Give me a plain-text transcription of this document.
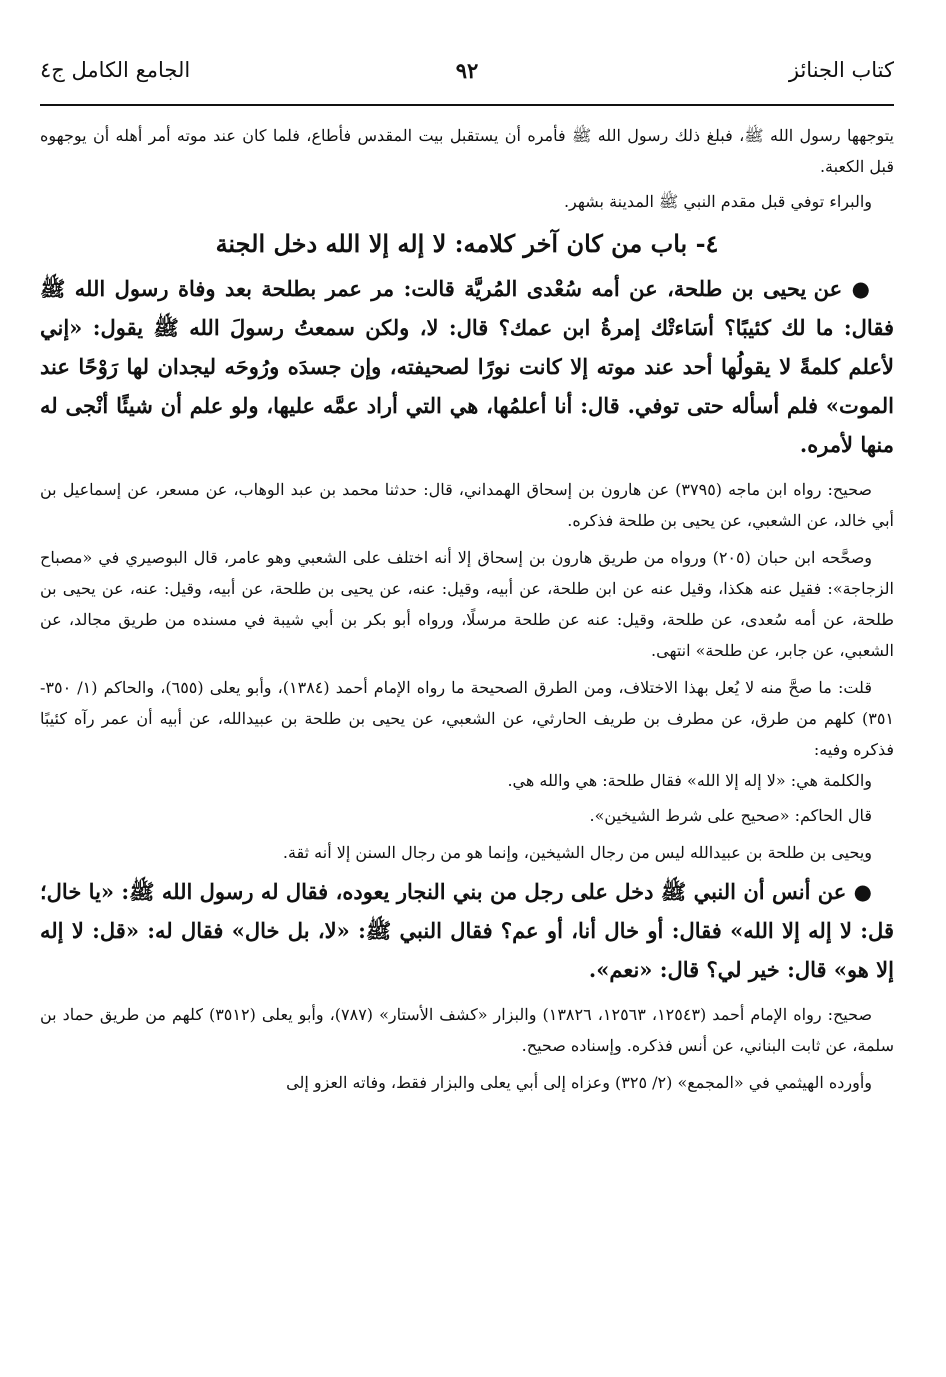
كتاب الجنائز
٩٢
الجامع الكامل ج٤

يتوجهها رسول الله ﷺ، فبلغ ذلك رسول الله ﷺ فأمره أن يستقبل بيت المقدس فأطاع، فلما كان عند موته أمر أهله أن يوجهوه قبل الكعبة.

والبراء توفي قبل مقدم النبي ﷺ المدينة بشهر.

٤- باب من كان آخر كلامه: لا إله إلا الله دخل الجنة

● عن يحيى بن طلحة، عن أمه سُعْدى المُريَّة قالت: مر عمر بطلحة بعد وفاة رسول الله ﷺ فقال: ما لك كئيبًا؟ أسَاءتْك إمرةُ ابن عمك؟ قال: لا، ولكن سمعتُ رسولَ الله ﷺ يقول: «إني لأعلم كلمةً لا يقولُها أحد عند موته إلا كانت نورًا لصحيفته، وإن جسدَه ورُوحَه ليجدان لها رَوْحًا عند الموت» فلم أسأله حتى توفي. قال: أنا أعلمُها، هي التي أراد عمَّه عليها، ولو علم أن شيئًا أنْجى له منها لأمره.

صحيح: رواه ابن ماجه (٣٧٩٥) عن هارون بن إسحاق الهمداني، قال: حدثنا محمد بن عبد الوهاب، عن مسعر، عن إسماعيل بن أبي خالد، عن الشعبي، عن يحيى بن طلحة فذكره.

وصحَّحه ابن حبان (٢٠٥) ورواه من طريق هارون بن إسحاق إلا أنه اختلف على الشعبي وهو عامر، قال البوصيري في «مصباح الزجاجة»: فقيل عنه هكذا، وقيل عنه عن ابن طلحة، عن أبيه، وقيل: عنه، عن يحيى بن طلحة، عن أبيه، وقيل: عنه، عن يحيى بن طلحة، عن أمه سُعدى، عن طلحة، وقيل: عنه عن طلحة مرسلًا، ورواه أبو بكر بن أبي شيبة في مسنده من طريق مجالد، عن الشعبي، عن جابر، عن طلحة» انتهى.

قلت: ما صحَّ منه لا يُعل بهذا الاختلاف، ومن الطرق الصحيحة ما رواه الإمام أحمد (١٣٨٤)، وأبو يعلى (٦٥٥)، والحاكم (١/ ٣٥٠- ٣٥١) كلهم من طرق، عن مطرف بن طريف الحارثي، عن الشعبي، عن يحيى بن طلحة بن عبيدالله، عن أبيه أن عمر رآه كئيبًا فذكره وفيه:

والكلمة هي: «لا إله إلا الله» فقال طلحة: هي والله هي.

قال الحاكم: «صحيح على شرط الشيخين».

ويحيى بن طلحة بن عبيدالله ليس من رجال الشيخين، وإنما هو من رجال السنن إلا أنه ثقة.

● عن أنس أن النبي ﷺ دخل على رجل من بني النجار يعوده، فقال له رسول الله ﷺ: «يا خال؛ قل: لا إله إلا الله» فقال: أو خال أنا، أو عم؟ فقال النبي ﷺ: «لا، بل خال» فقال له: «قل: لا إله إلا هو» قال: خير لي؟ قال: «نعم».

صحيح: رواه الإمام أحمد (١٢٥٤٣، ١٢٥٦٣، ١٣٨٢٦) والبزار «كشف الأستار» (٧٨٧)، وأبو يعلى (٣٥١٢) كلهم من طريق حماد بن سلمة، عن ثابت البناني، عن أنس فذكره. وإسناده صحيح.

وأورده الهيثمي في «المجمع» (٢/ ٣٢٥) وعزاه إلى أبي يعلى والبزار فقط، وفاته العزو إلى
